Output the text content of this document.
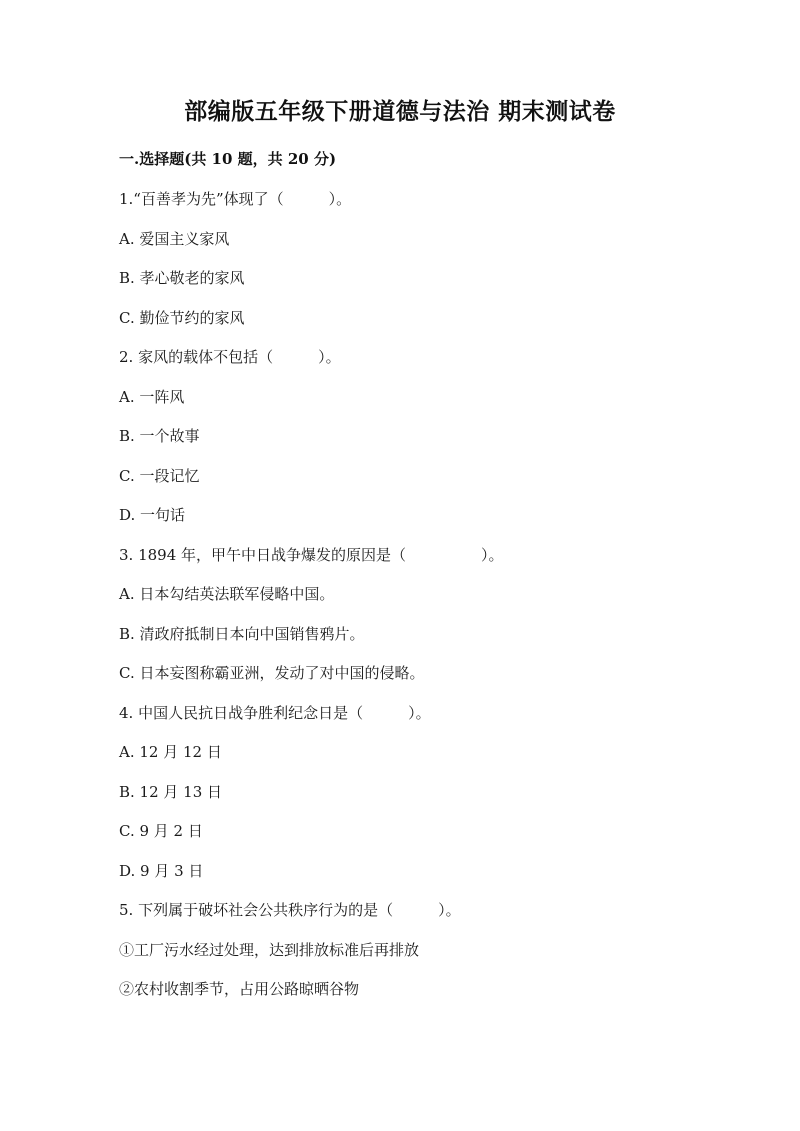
部编版五年级下册道德与法治 期末测试卷
一.选择题(共 10 题，共 20 分)
1.“百善孝为先”体现了（　　　）。
A. 爱国主义家风
B. 孝心敬老的家风
C. 勤俭节约的家风
2. 家风的载体不包括（　　　）。
A. 一阵风
B. 一个故事
C. 一段记忆
D. 一句话
3. 1894 年，甲午中日战争爆发的原因是（　　　　　）。
A. 日本勾结英法联军侵略中国。
B. 清政府抵制日本向中国销售鸦片。
C. 日本妄图称霸亚洲，发动了对中国的侵略。
4. 中国人民抗日战争胜利纪念日是（　　　）。
A. 12 月 12 日
B. 12 月 13 日
C. 9 月 2 日
D. 9 月 3 日
5. 下列属于破坏社会公共秩序行为的是（　　　）。
①工厂污水经过处理，达到排放标准后再排放
②农村收割季节，占用公路晾晒谷物
